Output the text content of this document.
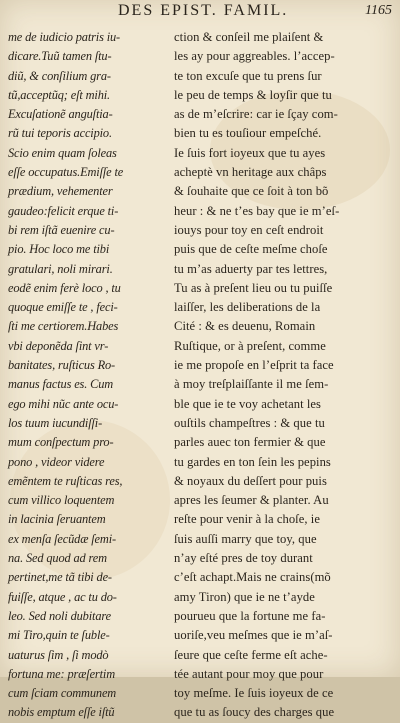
DES EPIST. FAMIL.	1165
me de iudicio patris iu-
dicare.Tuũ tamen ſtu-
diũ, & conſilium gra-
tũ,acceptũq; eſt mihi.
Excuſationẽ anguſtia-
rũ tui teporis accipio.
Scio enim quam ſoleas
eſſe occupatus.Emiſſe te
prædium, vehementer
gaudeo:felicit erque ti-
bi rem iſtã euenire cu-
pio. Hoc loco me tibi
gratulari, noli mirari.
eodẽ enim ferè loco , tu
quoque emiſſe te , feci-
ſti me certiorem.Habes
vbi deponẽda ſint vr-
banitates, ruſticus Ro-
manus factus es. Cum
ego mihi nũc ante ocu-
los tuum iucundiſſi-
mum conſpectum pro-
pono , videor videre
emẽntem te ruſticas res,
cum villico loquentem
in lacinia ſeruantem
ex menſa ſecũdæ ſemi-
na. Sed quod ad rem
pertinet,me tã tibi de-
fuiſſe, atque , ac tu do-
leo. Sed noli dubitare
mi Tiro,quin te ſuble-
uaturus ſim , ſi modò
fortuna me: præſertim
cum ſciam communem
nobis emptum eſſe iſtũ
ction & conſeil me plaiſent &
les ay pour aggreables. l’accep-
te ton excuſe que tu prens ſur
le peu de temps & loyſir que tu
as de m’eſcrire: car ie ſçay com-
bien tu es touſiour empeſché.
Ie ſuis fort ioyeux que tu ayes
acheptè vn heritage aux châps
& ſouhaite que ce ſoit à ton bõ
heur : & ne t’es bay que ie m’eſ-
iouys pour toy en ceſt endroit
puis que de ceſte meſme choſe
tu m’as aduerty par tes lettres,
Tu as à preſent lieu ou tu puiſſe
laiſſer, les deliberations de la
Cité : & es deuenu, Romain
Ruſtique, or à preſent, comme
ie me propoſe en l’eſprit ta face
à moy treſplaiſſante il me ſem-
ble que ie te voy achetant les
ouſtils champeſtres : & que tu
parles auec ton fermier & que
tu gardes en ton ſein les pepins
& noyaux du deſſert pour puis
apres les ſeumer & planter. Au
reſte pour venir à la choſe, ie
ſuis auſſi marry que toy, que
n’ay eſté pres de toy durant
c’eſt achapt.Mais ne crains(mõ
amy Tiron) que ie ne t’ayde
pourueu que la fortune me fa-
uoriſe,veu meſmes que ie m’aſ-
ſeure que ceſte ferme eſt ache-
tée autant pour moy que pour
toy meſme. Ie ſuis ioyeux de ce
que tu as ſoucy des charges que
